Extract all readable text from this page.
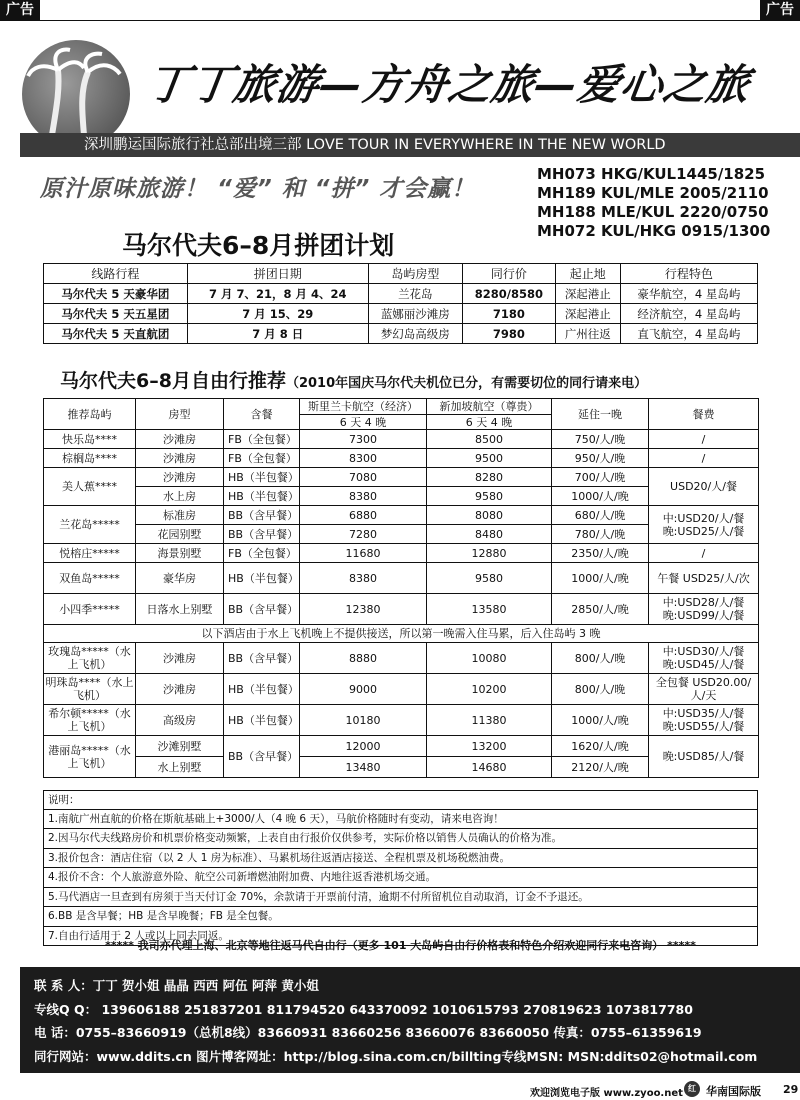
广告	广告
丁丁旅游—方舟之旅—爱心之旅
深圳鹏运国际旅行社总部出境三部 LOVE TOUR IN EVERYWHERE IN THE NEW WORLD
原汁原味旅游！ “爱” 和 “拼” 才会赢！
MH073 HKG/KUL1445/1825
MH189 KUL/MLE 2005/2110
MH188 MLE/KUL 2220/0750
MH072 KUL/HKG 0915/1300
马尔代夫6–8月拼团计划
线路行程	拼团日期	岛屿房型	同行价	起止地	行程特色
马尔代夫 5 天豪华团	7 月 7、21，8 月 4、24	兰花岛	8280/8580	深起港止	豪华航空，4 星岛屿
马尔代夫 5 天五星团	7 月 15、29	蓝娜丽沙滩房	7180	深起港止	经济航空，4 星岛屿
马尔代夫 5 天直航团	7 月 8 日	梦幻岛高级房	7980	广州往返	直飞航空，4 星岛屿
马尔代夫6–8月自由行推荐（2010年国庆马尔代夫机位已分，有需要切位的同行请来电）
推荐岛屿	房型	含餐	斯里兰卡航空（经济）	新加坡航空（尊贵）	延住一晚	餐费
			6 天 4 晚	6 天 4 晚		
快乐岛****	沙滩房	FB（全包餐）	7300	8500	750/人/晚	/
棕榈岛****	沙滩房	FB（全包餐）	8300	9500	950/人/晚	/
美人蕉****	沙滩房	HB（半包餐）	7080	8280	700/人/晚	USD20/人/餐
	水上房	HB（半包餐）	8380	9580	1000/人/晚	
兰花岛*****	标准房	BB（含早餐）	6880	8080	680/人/晚	中:USD20/人/餐 晚:USD25/人/餐
	花园别墅	BB（含早餐）	7280	8480	780/人/晚	
悦榕庄*****	海景别墅	FB（全包餐）	11680	12880	2350/人/晚	/
双鱼岛*****	豪华房	HB（半包餐）	8380	9580	1000/人/晚	午餐 USD25/人/次
小四季*****	日落水上别墅	BB（含早餐）	12380	13580	2850/人/晚	中:USD28/人/餐 晚:USD99/人/餐
以下酒店由于水上飞机晚上不提供接送，所以第一晚需入住马累，后入住岛屿 3 晚						
玫瑰岛*****（水上飞机）	沙滩房	BB（含早餐）	8880	10080	800/人/晚	中:USD30/人/餐 晚:USD45/人/餐
明珠岛****（水上飞机）	沙滩房	HB（半包餐）	9000	10200	800/人/晚	全包餐 USD20.00/人/天
希尔顿*****（水上飞机）	高级房	HB（半包餐）	10180	11380	1000/人/晚	中:USD35/人/餐 晚:USD55/人/餐
港丽岛*****（水上飞机）	沙滩别墅	BB（含早餐）	12000	13200	1620/人/晚	晚:USD85/人/餐
	水上别墅		13480	14680	2120/人/晚	
说明：
1.南航广州直航的价格在斯航基础上+3000/人（4 晚 6 天），马航价格随时有变动，请来电咨询！
2.因马尔代夫线路房价和机票价格变动频繁，上表自由行报价仅供参考，实际价格以销售人员确认的价格为准。
3.报价包含：酒店住宿（以 2 人 1 房为标准）、马累机场往返酒店接送、全程机票及机场税燃油费。
4.报价不含：个人旅游意外险、航空公司新增燃油附加费、内地往返香港机场交通。
5.马代酒店一旦查到有房须于当天付订金 70%，余款请于开票前付清，逾期不付所留机位自动取消，订金不予退还。
6.BB 是含早餐；HB 是含早晚餐；FB 是全包餐。
7.自由行适用于 2 人或以上同去同返。
***** 我司亦代理上海、北京等地往返马代自由行（更多 101 大岛屿自由行价格表和特色介绍欢迎同行来电咨询） *****
联 系 人：丁丁 贺小姐 晶晶 西西 阿伍 阿萍 黄小姐
专线Q Q： 139606188 251837201 811794520 643370092 1010615793 270819623 1073817780
电 话：0755–83660919（总机8线）83660931 83660256 83660076 83660050 传真：0755–61359619
同行网站：www.ddits.cn 图片博客网址：http://blog.sina.com.cn/billting专线MSN: MSN:ddits02@hotmail.com
欢迎浏览电子版 www.zyoo.net 红 华南国际版 29
